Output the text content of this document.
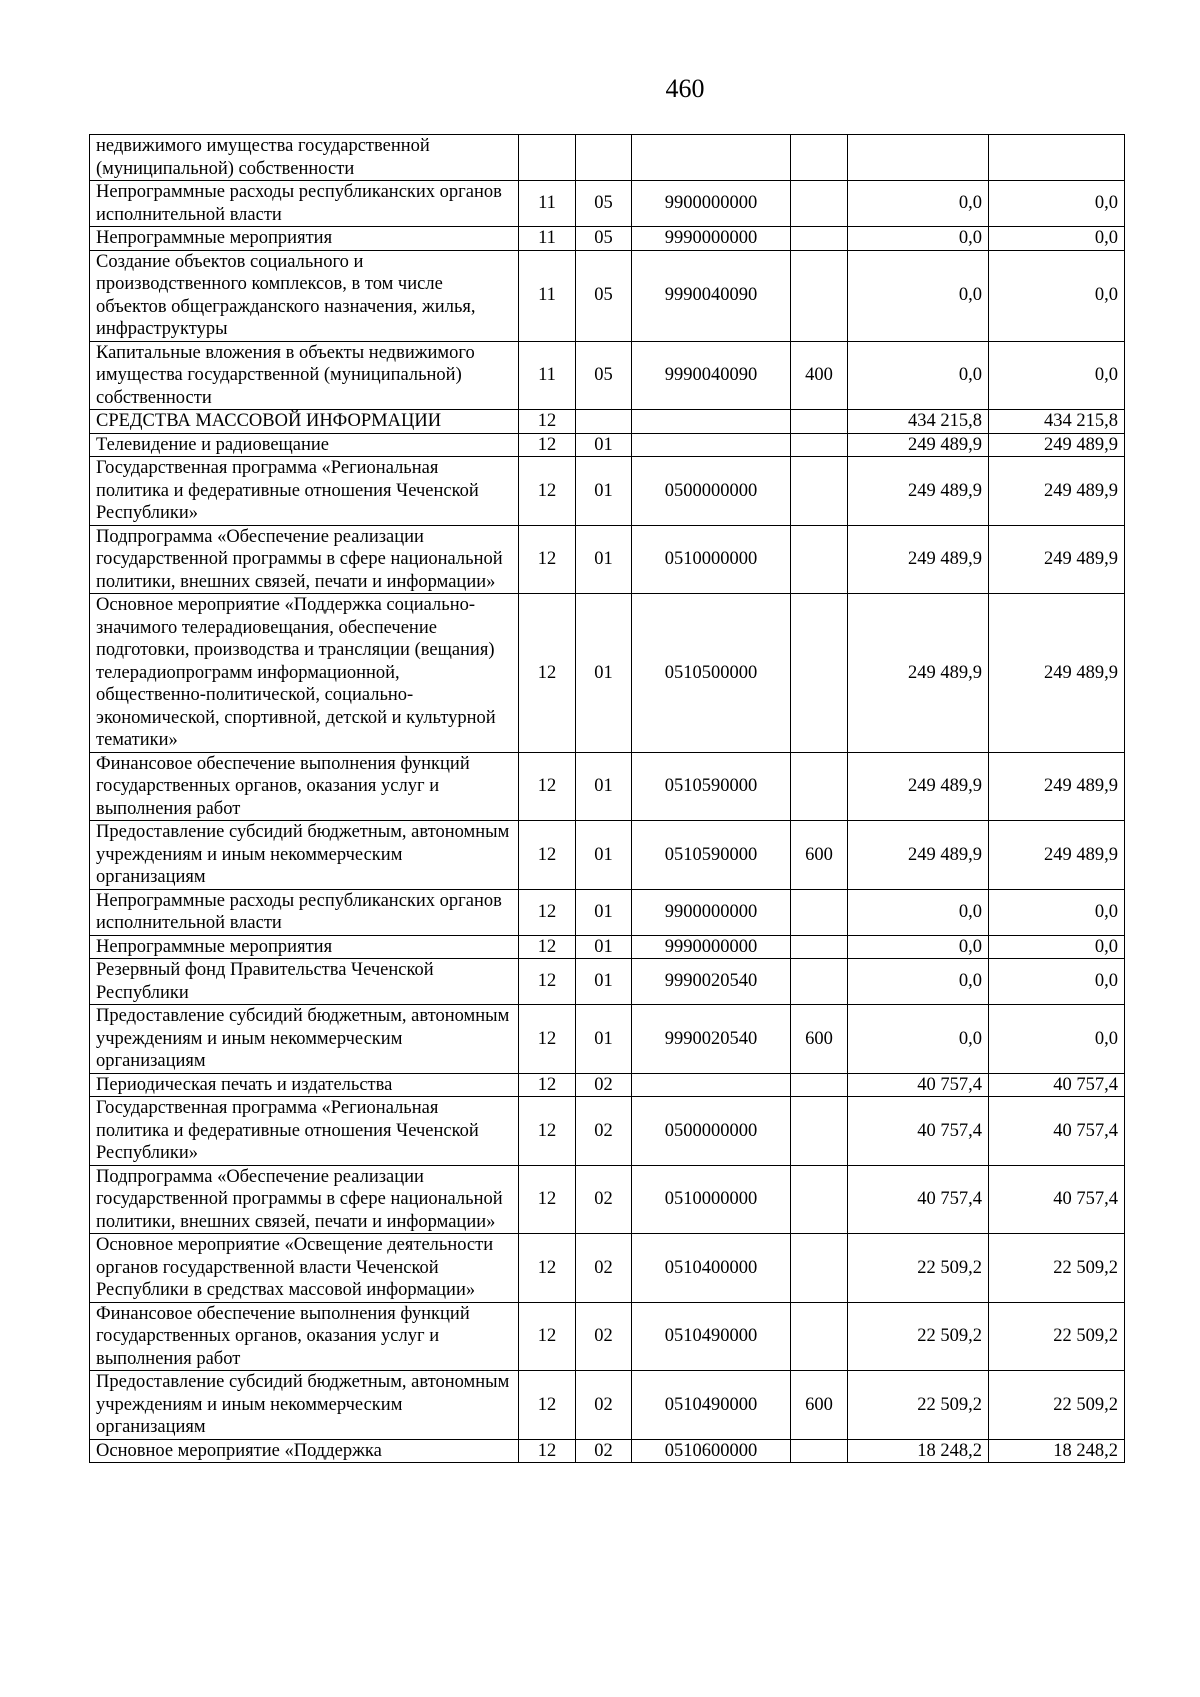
460
недвижимого имущества государственной (муниципальной) собственности						
Непрограммные расходы республиканских органов исполнительной власти	11	05	9900000000		0,0	0,0
Непрограммные мероприятия	11	05	9990000000		0,0	0,0
Создание объектов социального и производственного комплексов, в том числе объектов общегражданского назначения, жилья, инфраструктуры	11	05	9990040090		0,0	0,0
Капитальные вложения в объекты недвижимого имущества государственной (муниципальной) собственности	11	05	9990040090	400	0,0	0,0
СРЕДСТВА МАССОВОЙ ИНФОРМАЦИИ	12				434 215,8	434 215,8
Телевидение и радиовещание	12	01			249 489,9	249 489,9
Государственная программа «Региональная политика и федеративные отношения Чеченской Республики»	12	01	0500000000		249 489,9	249 489,9
Подпрограмма «Обеспечение реализации государственной программы в сфере национальной политики, внешних связей, печати и информации»	12	01	0510000000		249 489,9	249 489,9
Основное мероприятие «Поддержка социально-значимого телерадиовещания, обеспечение подготовки, производства и трансляции (вещания) телерадиопрограмм информационной, общественно-политической, социально-экономической, спортивной, детской и культурной тематики»	12	01	0510500000		249 489,9	249 489,9
Финансовое обеспечение выполнения функций государственных органов, оказания услуг и выполнения работ	12	01	0510590000		249 489,9	249 489,9
Предоставление субсидий бюджетным, автономным учреждениям и иным некоммерческим организациям	12	01	0510590000	600	249 489,9	249 489,9
Непрограммные расходы республиканских органов исполнительной власти	12	01	9900000000		0,0	0,0
Непрограммные мероприятия	12	01	9990000000		0,0	0,0
Резервный фонд Правительства Чеченской Республики	12	01	9990020540		0,0	0,0
Предоставление субсидий бюджетным, автономным учреждениям и иным некоммерческим организациям	12	01	9990020540	600	0,0	0,0
Периодическая печать и издательства	12	02			40 757,4	40 757,4
Государственная программа «Региональная политика и федеративные отношения Чеченской Республики»	12	02	0500000000		40 757,4	40 757,4
Подпрограмма «Обеспечение реализации государственной программы в сфере национальной политики, внешних связей, печати и информации»	12	02	0510000000		40 757,4	40 757,4
Основное мероприятие «Освещение деятельности органов государственной власти Чеченской Республики в средствах массовой информации»	12	02	0510400000		22 509,2	22 509,2
Финансовое обеспечение выполнения функций государственных органов, оказания услуг и выполнения работ	12	02	0510490000		22 509,2	22 509,2
Предоставление субсидий бюджетным, автономным учреждениям и иным некоммерческим организациям	12	02	0510490000	600	22 509,2	22 509,2
Основное мероприятие «Поддержка	12	02	0510600000		18 248,2	18 248,2
